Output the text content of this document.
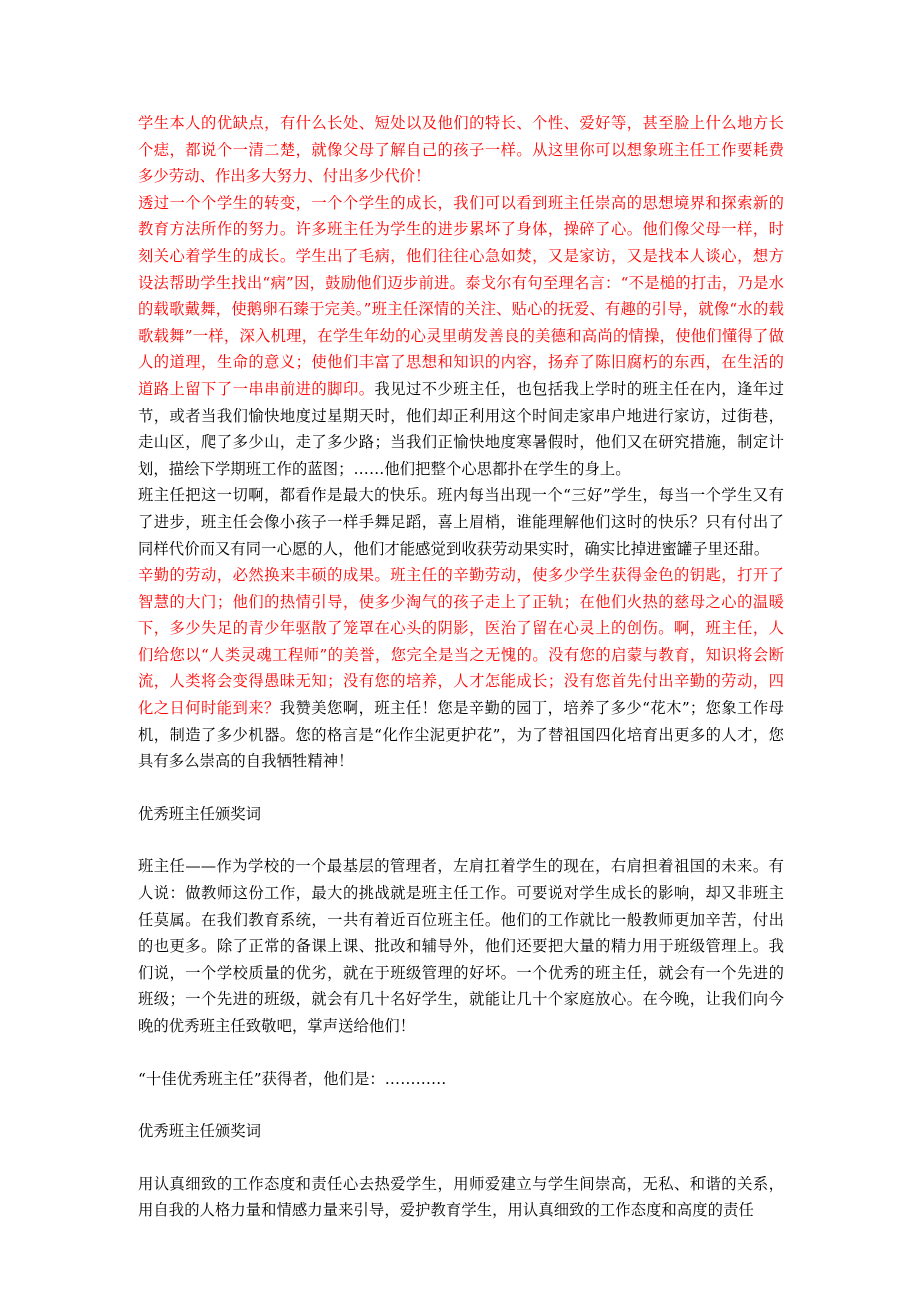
学生本人的优缺点，有什么长处、短处以及他们的特长、个性、爱好等，甚至脸上什么地方长个痣，都说个一清二楚，就像父母了解自己的孩子一样。从这里你可以想象班主任工作要耗费多少劳动、作出多大努力、付出多少代价！

透过一个个学生的转变，一个个学生的成长，我们可以看到班主任崇高的思想境界和探索新的教育方法所作的努力。许多班主任为学生的进步累坏了身体，操碎了心。他们像父母一样，时刻关心着学生的成长。学生出了毛病，他们往往心急如焚，又是家访，又是找本人谈心，想方设法帮助学生找出“病”因，鼓励他们迈步前进。泰戈尔有句至理名言：“不是槌的打击，乃是水的载歌戴舞，使鹅卵石臻于完美。”班主任深情的关注、贴心的抚爱、有趣的引导，就像“水的载歌载舞”一样，深入机理，在学生年幼的心灵里萌发善良的美德和高尚的情操，使他们懂得了做人的道理，生命的意义；使他们丰富了思想和知识的内容，扬弃了陈旧腐朽的东西，在生活的道路上留下了一串串前进的脚印。我见过不少班主任，也包括我上学时的班主任在内，逢年过节，或者当我们愉快地度过星期天时，他们却正利用这个时间走家串户地进行家访，过街巷，走山区，爬了多少山，走了多少路；当我们正愉快地度寒暑假时，他们又在研究措施，制定计划，描绘下学期班工作的蓝图；……他们把整个心思都扑在学生的身上。

班主任把这一切啊，都看作是最大的快乐。班内每当出现一个“三好”学生，每当一个学生又有了进步，班主任会像小孩子一样手舞足蹈，喜上眉梢，谁能理解他们这时的快乐？只有付出了同样代价而又有同一心愿的人，他们才能感觉到收获劳动果实时，确实比掉进蜜罐子里还甜。

辛勤的劳动，必然换来丰硕的成果。班主任的辛勤劳动，使多少学生获得金色的钥匙，打开了智慧的大门；他们的热情引导，使多少淘气的孩子走上了正轨；在他们火热的慈母之心的温暖下，多少失足的青少年驱散了笼罩在心头的阴影，医治了留在心灵上的创伤。啊，班主任，人们给您以“人类灵魂工程师”的美誉，您完全是当之无愧的。没有您的启蒙与教育，知识将会断流，人类将会变得愚昧无知；没有您的培养，人才怎能成长；没有您首先付出辛勤的劳动，四化之日何时能到来？我赞美您啊，班主任！您是辛勤的园丁，培养了多少“花木”；您象工作母机，制造了多少机器。您的格言是“化作尘泥更护花”，为了替祖国四化培育出更多的人才，您具有多么崇高的自我牺牲精神！

优秀班主任颁奖词

班主任——作为学校的一个最基层的管理者，左肩扛着学生的现在，右肩担着祖国的未来。有人说：做教师这份工作，最大的挑战就是班主任工作。可要说对学生成长的影响，却又非班主任莫属。在我们教育系统，一共有着近百位班主任。他们的工作就比一般教师更加辛苦，付出的也更多。除了正常的备课上课、批改和辅导外，他们还要把大量的精力用于班级管理上。我们说，一个学校质量的优劣，就在于班级管理的好坏。一个优秀的班主任，就会有一个先进的班级；一个先进的班级，就会有几十名好学生，就能让几十个家庭放心。在今晚，让我们向今晚的优秀班主任致敬吧，掌声送给他们！

“十佳优秀班主任”获得者，他们是：…………

优秀班主任颁奖词

用认真细致的工作态度和责任心去热爱学生，用师爱建立与学生间崇高，无私、和谐的关系，用自我的人格力量和情感力量来引导，爱护教育学生，用认真细致的工作态度和高度的责任
